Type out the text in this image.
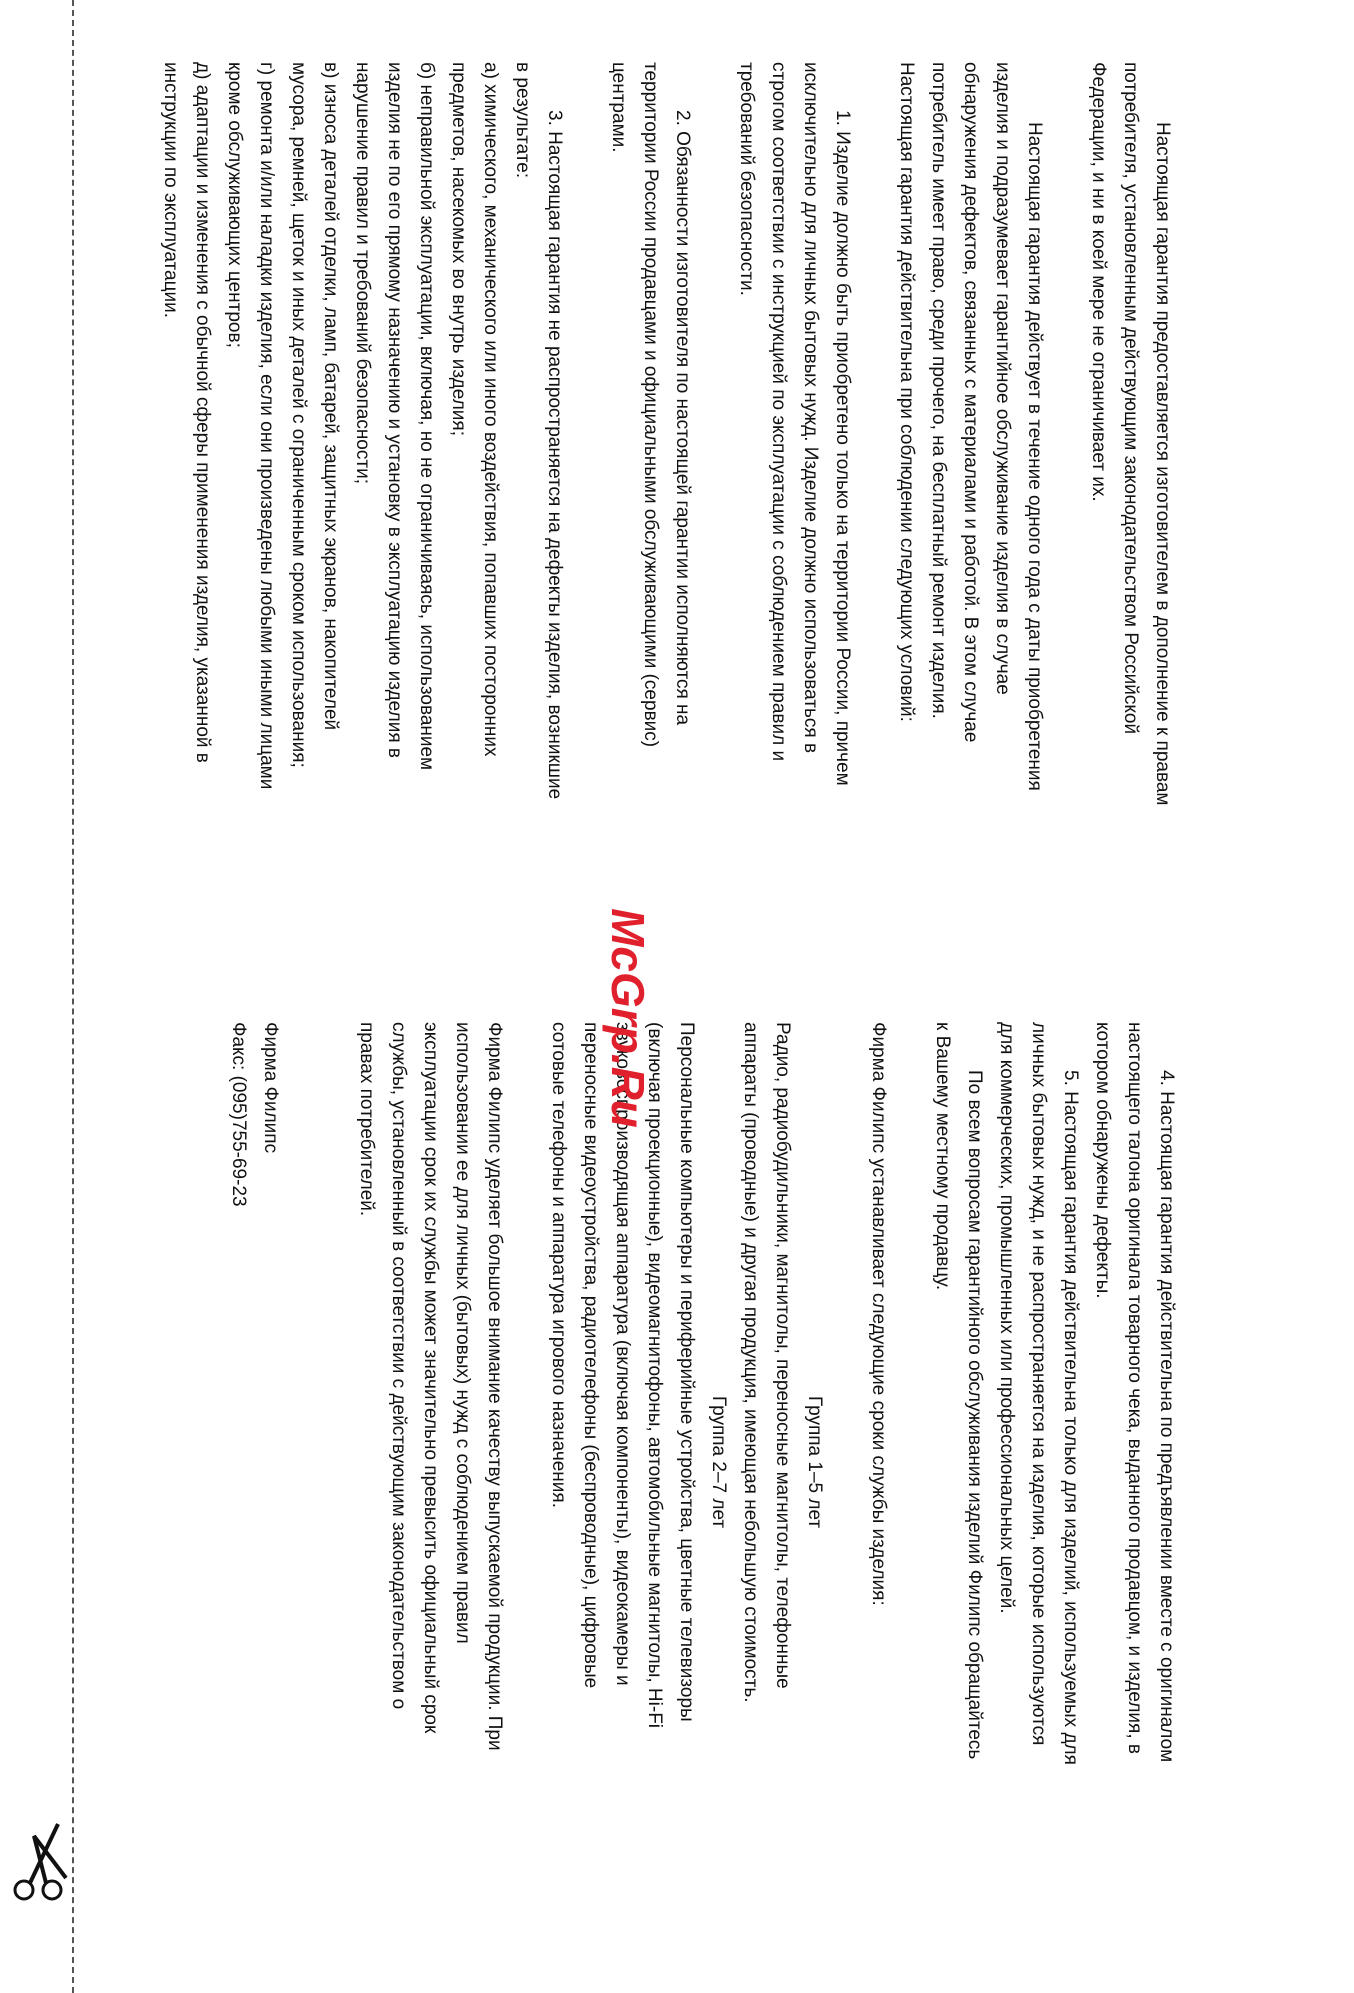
Настоящая гарантия предоставляется изготовителем в дополнение к правам

потребителя, установленным действующим законодательством Российской

Федерации, и ни в коей мере не ограничивает их.

Настоящая гарантия действует в течение одного года с даты приобретения

изделия и подразумевает гарантийное обслуживание изделия в случае

обнаружения дефектов, связанных с материалами и работой. В этом случае

потребитель имеет право, среди прочего, на бесплатный ремонт изделия.

Настоящая гарантия действительна при соблюдении следующих условий:

1. Изделие должно быть приобретено только на территории России, причем

исключительно для личных бытовых нужд. Изделие должно использоваться в

строгом соответствии с инструкцией по эксплуатации с соблюдением правил и

требований безопасности.

2. Обязанности изготовителя по настоящей гарантии исполняются на

территории России продавцами и официальными обслуживающими (сервис)

центрами.

3. Настоящая гарантия не распространяется на дефекты изделия, возникшие

в результате:

а) химического, механического или иного воздействия, попавших посторонних

предметов, насекомых во внутрь изделия;

б) неправильной эксплуатации, включая, но не ограничиваясь, использованием

изделия не по его прямому назначению и установку в эксплуатацию изделия в

нарушение правил и требований безопасности;

в) износа деталей отделки, ламп, батарей, защитных экранов, накопителей

мусора, ремней, щеток и иных деталей с ограниченным сроком использования;

г) ремонта и/или наладки изделия, если они произведены любыми иными лицами

кроме обслуживающих центров;

д) адаптации и изменения с обычной сферы применения изделия, указанной в

инструкции по эксплуатации.

4. Настоящая гарантия действительна по предъявлении вместе с оригиналом

настоящего талона оригинала товарного чека, выданного продавцом, и изделия, в

котором обнаружены дефекты.

5. Настоящая гарантия действительна только для изделий, используемых для

личных бытовых нужд, и не распространяется на изделия, которые используются

для коммерческих, промышленных или профессиональных целей.

По всем вопросам гарантийного обслуживания изделий Филипс обращайтесь

к Вашему местному продавцу.

Фирма Филипс устанавливает следующие сроки службы изделия:

Группа 1–5 лет

Радио, радиобудильники, магнитолы, переносные магнитолы, телефонные

аппараты (проводные) и другая продукция, имеющая небольшую стоимость.

Группа 2–7 лет

Персональные компьютеры и периферийные устройства, цветные телевизоры

(включая проекционные), видеомагнитофоны, автомобильные магнитолы, Hi-Fi

звуковоспроизводящая аппаратура (включая компоненты), видеокамеры и

переносные видеоустройства, радиотелефоны (беспроводные), цифровые

сотовые телефоны и аппаратура игрового назначения.

Фирма Филипс уделяет большое внимание качеству выпускаемой продукции. При

использовании ее для личных (бытовых) нужд с соблюдением правил

эксплуатации срок их службы может значительно превысить официальный срок

службы, установленный в соответствии с действующим законодательством о

правах потребителей.

Фирма Филипс

Факс: (095)755-69-23	McGrp.Ru
